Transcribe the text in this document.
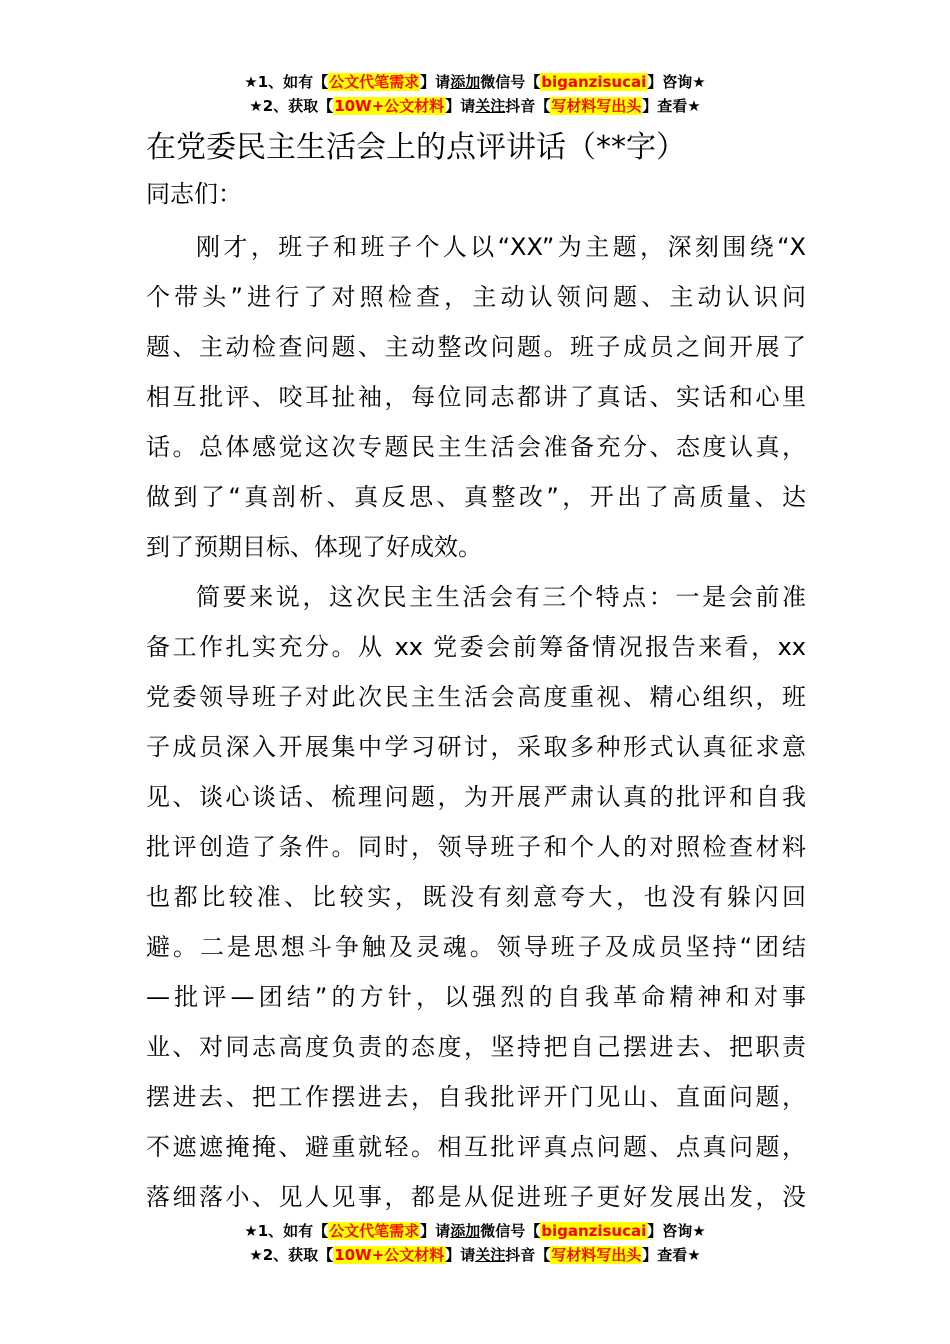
★1、如有【公文代笔需求】请添加微信号【biganzisucai】咨询★
★2、获取【10W+公文材料】请关注抖音【写材料写出头】查看★
在党委民主生活会上的点评讲话（**字）
同志们：
刚才，班子和班子个人以“XX”为主题，深刻围绕“X
个带头”进行了对照检查，主动认领问题、主动认识问
题、主动检查问题、主动整改问题。班子成员之间开展了
相互批评、咬耳扯袖，每位同志都讲了真话、实话和心里
话。总体感觉这次专题民主生活会准备充分、态度认真，
做到了“真剖析、真反思、真整改”，开出了高质量、达
到了预期目标、体现了好成效。
简要来说，这次民主生活会有三个特点：一是会前准
备工作扎实充分。从 xx 党委会前筹备情况报告来看，xx
党委领导班子对此次民主生活会高度重视、精心组织，班
子成员深入开展集中学习研讨，采取多种形式认真征求意
见、谈心谈话、梳理问题，为开展严肃认真的批评和自我
批评创造了条件。同时，领导班子和个人的对照检查材料
也都比较准、比较实，既没有刻意夸大，也没有躲闪回
避。二是思想斗争触及灵魂。领导班子及成员坚持“团结
—批评—团结”的方针，以强烈的自我革命精神和对事
业、对同志高度负责的态度，坚持把自己摆进去、把职责
摆进去、把工作摆进去，自我批评开门见山、直面问题，
不遮遮掩掩、避重就轻。相互批评真点问题、点真问题，
落细落小、见人见事，都是从促进班子更好发展出发，没
★1、如有【公文代笔需求】请添加微信号【biganzisucai】咨询★
★2、获取【10W+公文材料】请关注抖音【写材料写出头】查看★
